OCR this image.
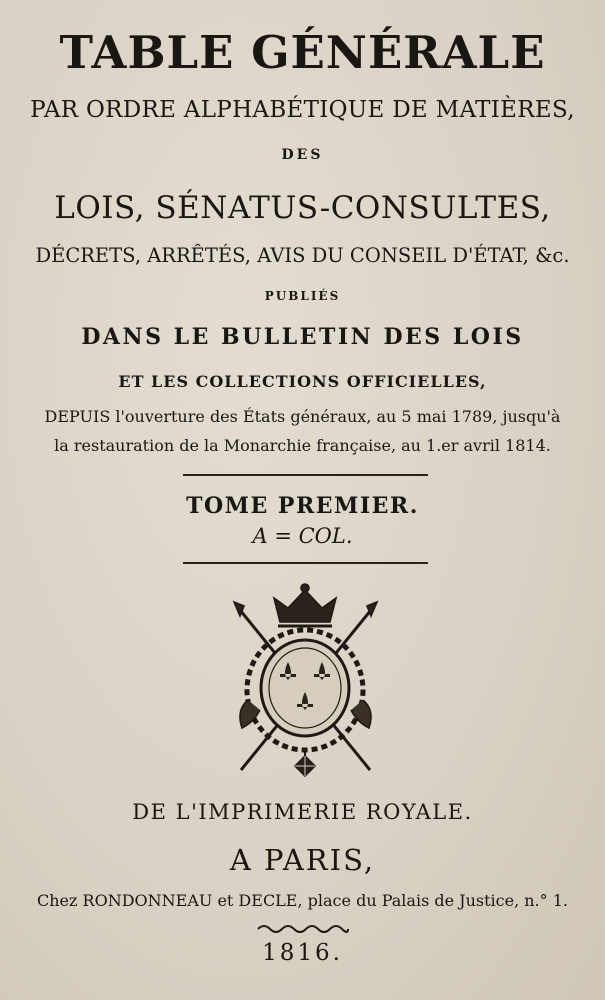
TABLE GÉNÉRALE
PAR ORDRE ALPHABÉTIQUE DE MATIÈRES,
DES
LOIS, SÉNATUS-CONSULTES,
DÉCRETS, ARRÊTÉS, AVIS DU CONSEIL D'ÉTAT, &c.
PUBLIÉS
DANS LE BULLETIN DES LOIS
ET LES COLLECTIONS OFFICIELLES,
DEPUIS l'ouverture des États généraux, au 5 mai 1789, jusqu'à
la restauration de la Monarchie française, au 1.er avril 1814.
TOME PREMIER.
A = COL.
DE L'IMPRIMERIE ROYALE.
A PARIS,
Chez RONDONNEAU et DECLE, place du Palais de Justice, n.° 1.
1816.
